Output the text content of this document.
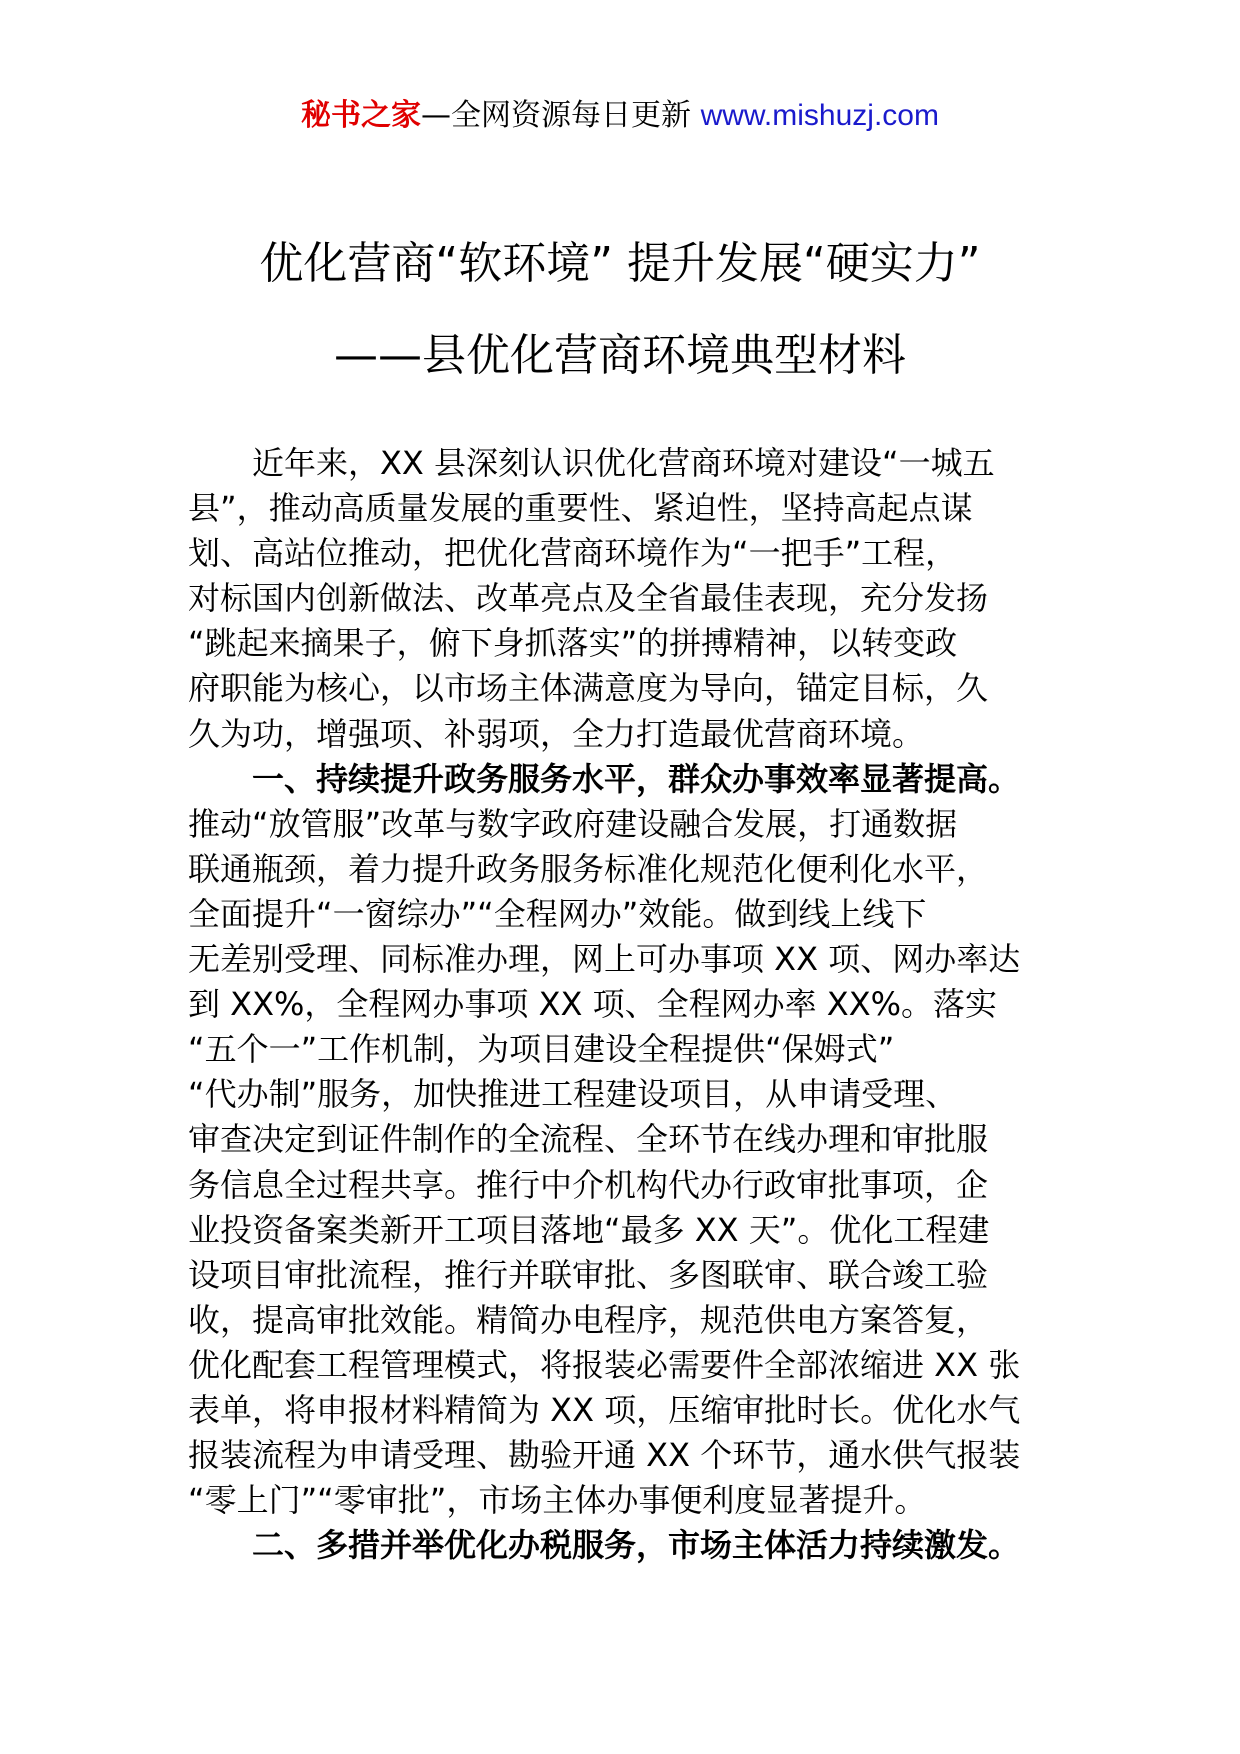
秘书之家—全网资源每日更新 www.mishuzj.com
优化营商“软环境” 提升发展“硬实力”
——县优化营商环境典型材料
近年来，XX 县深刻认识优化营商环境对建设“一城五
县”，推动高质量发展的重要性、紧迫性，坚持高起点谋
划、高站位推动，把优化营商环境作为“一把手”工程，
对标国内创新做法、改革亮点及全省最佳表现，充分发扬
“跳起来摘果子，俯下身抓落实”的拼搏精神，以转变政
府职能为核心，以市场主体满意度为导向，锚定目标，久
久为功，增强项、补弱项，全力打造最优营商环境。
一、持续提升政务服务水平，群众办事效率显著提高。
推动“放管服”改革与数字政府建设融合发展，打通数据
联通瓶颈，着力提升政务服务标准化规范化便利化水平，
全面提升“一窗综办”“全程网办”效能。做到线上线下
无差别受理、同标准办理，网上可办事项 XX 项、网办率达
到 XX%，全程网办事项 XX 项、全程网办率 XX%。落实
“五个一”工作机制，为项目建设全程提供“保姆式”
“代办制”服务，加快推进工程建设项目，从申请受理、
审查决定到证件制作的全流程、全环节在线办理和审批服
务信息全过程共享。推行中介机构代办行政审批事项，企
业投资备案类新开工项目落地“最多 XX 天”。优化工程建
设项目审批流程，推行并联审批、多图联审、联合竣工验
收，提高审批效能。精简办电程序，规范供电方案答复，
优化配套工程管理模式，将报装必需要件全部浓缩进 XX 张
表单，将申报材料精简为 XX 项，压缩审批时长。优化水气
报装流程为申请受理、勘验开通 XX 个环节，通水供气报装
“零上门”“零审批”，市场主体办事便利度显著提升。
二、多措并举优化办税服务，市场主体活力持续激发。
